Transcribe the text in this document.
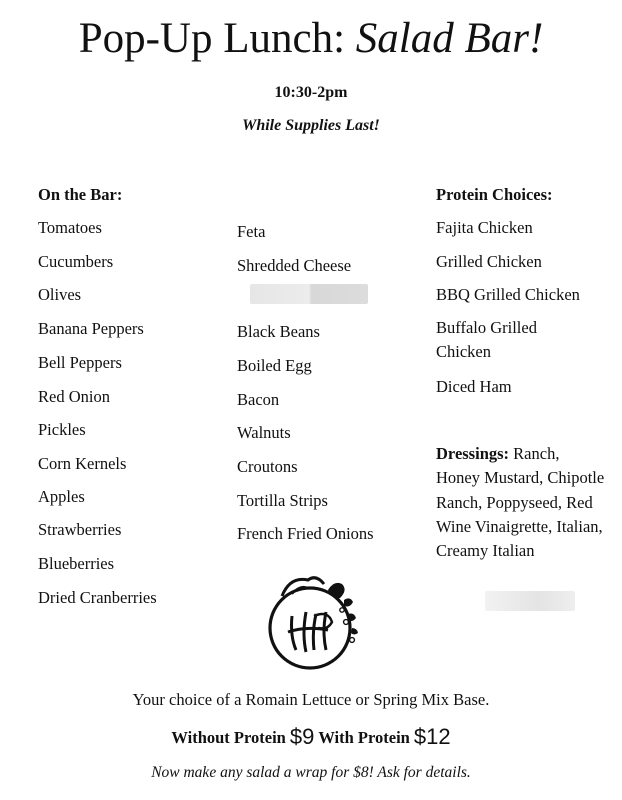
Pop-Up Lunch: Salad Bar!
10:30-2pm
While Supplies Last!
On the Bar:
Tomatoes
Cucumbers
Olives
Banana Peppers
Bell Peppers
Red Onion
Pickles
Corn Kernels
Apples
Strawberries
Blueberries
Dried Cranberries
Feta
Shredded Cheese
Black Beans
Boiled Egg
Bacon
Walnuts
Croutons
Tortilla Strips
French Fried Onions
Protein Choices:
Fajita Chicken
Grilled Chicken
BBQ Grilled Chicken
Buffalo Grilled Chicken
Diced Ham
Dressings: Ranch, Honey Mustard, Chipotle Ranch, Poppyseed, Red Wine Vinaigrette, Italian, Creamy Italian
Your choice of a Romain Lettuce or Spring Mix Base.
Without Protein $9 With Protein $12
Now make any salad a wrap for $8! Ask for details.
